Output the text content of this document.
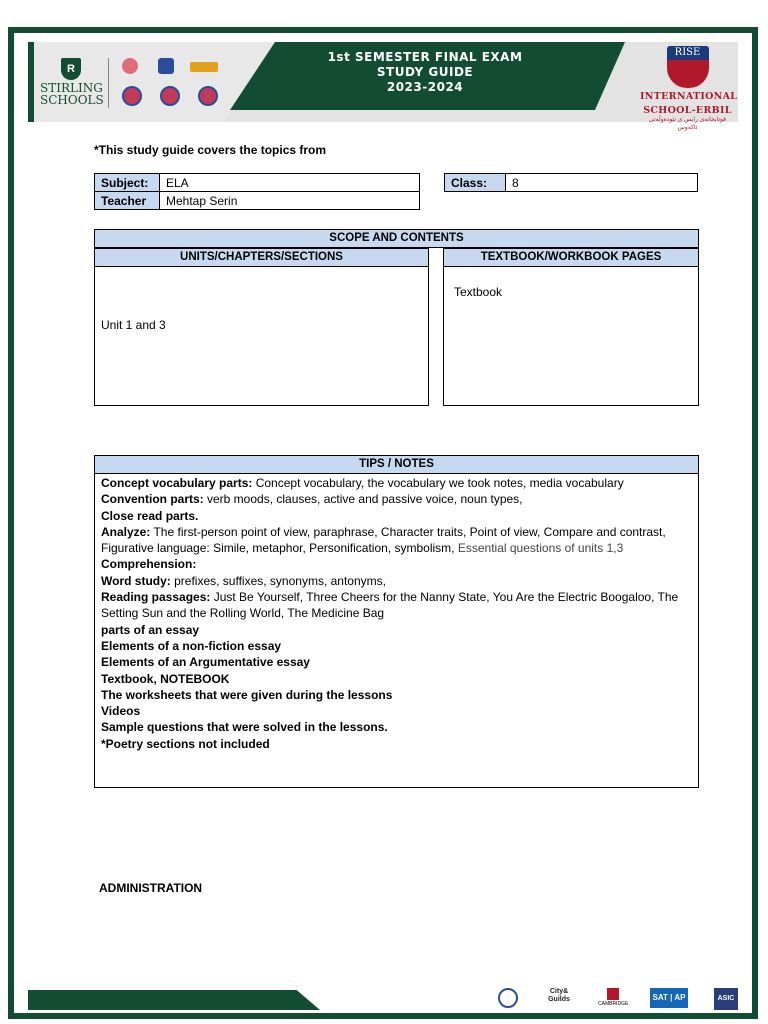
1st SEMESTER FINAL EXAM
STUDY GUIDE
2023-2024
R
STIRLING
SCHOOLS
RISE
INTERNATIONAL
SCHOOL-ERBIL
قوتابخانەی رایس ی نێودەوڵەتی ئاکەوس
*This study guide covers the topics from
Subject:	ELA
Teacher	Mehtap Serin
Class:	8
SCOPE AND CONTENTS
UNITS/CHAPTERS/SECTIONS
Unit 1 and 3
TEXTBOOK/WORKBOOK PAGES
Textbook
TIPS / NOTES
Concept vocabulary parts: Concept vocabulary, the vocabulary we took notes, media vocabulary
Convention parts: verb moods, clauses, active and passive voice, noun types,
Close read parts.
Analyze: The first-person point of view, paraphrase, Character traits, Point of view, Compare and contrast, Figurative language: Simile, metaphor, Personification, symbolism, Essential questions of units 1,3
Comprehension:
Word study: prefixes, suffixes, synonyms, antonyms,
Reading passages: Just Be Yourself, Three Cheers for the Nanny State, You Are the Electric Boogaloo, The Setting Sun and the Rolling World, The Medicine Bag
parts of an essay
Elements of a non-fiction essay
Elements of an Argumentative essay
Textbook, NOTEBOOK
The worksheets that were given during the lessons
Videos
Sample questions that were solved in the lessons.
*Poetry sections not included
ADMINISTRATION
City& Guilds
CAMBRIDGE
SAT | AP	ASIC
